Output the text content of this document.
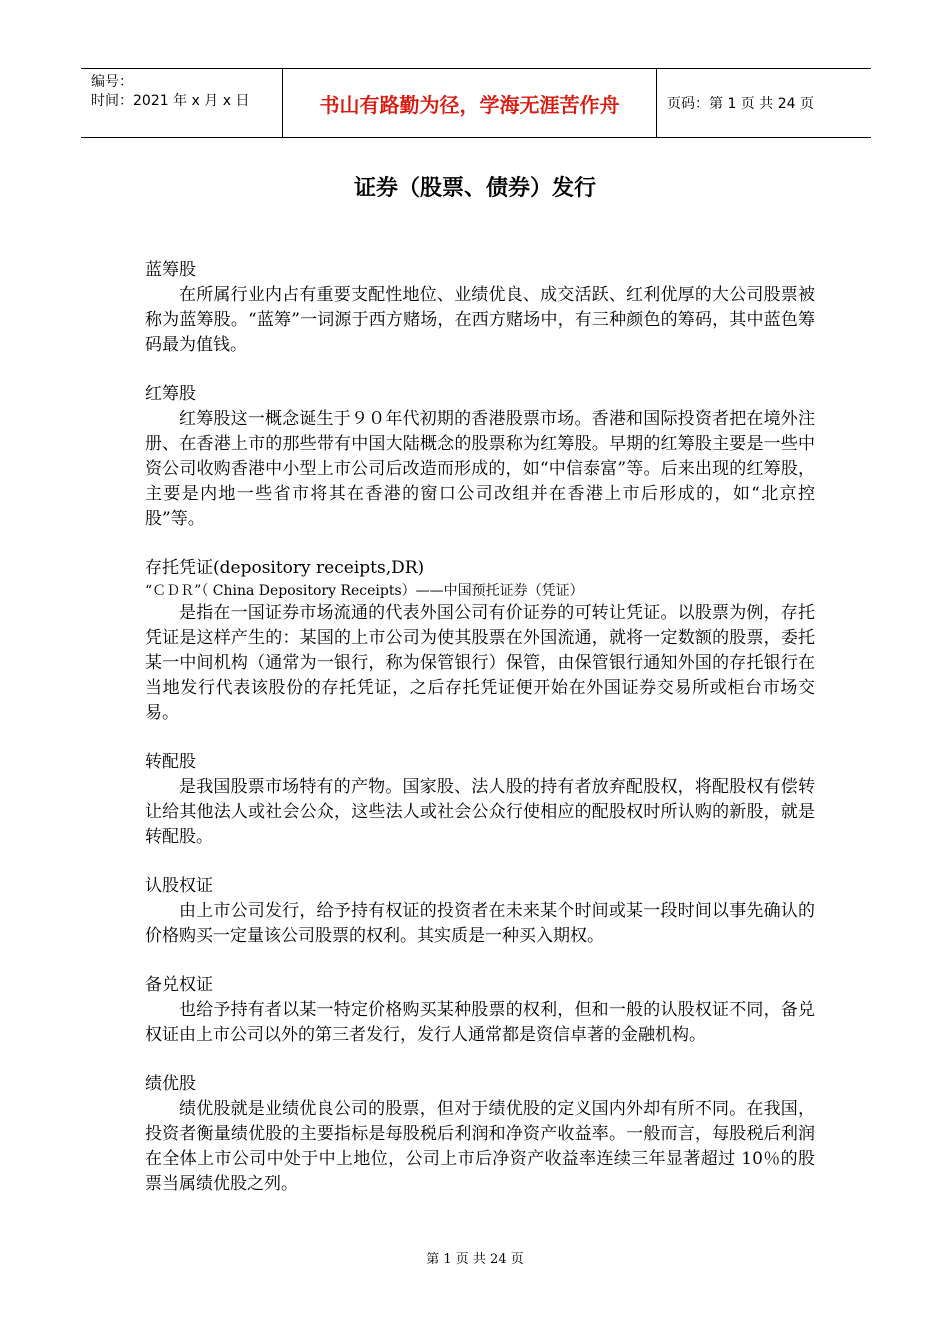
编号：
时间：2021 年 x 月 x 日	书山有路勤为径，学海无涯苦作舟	页码：第 1 页 共 24 页
证券（股票、债券）发行
蓝筹股
在所属行业内占有重要支配性地位、业绩优良、成交活跃、红利优厚的大公司股票被称为蓝筹股。“蓝筹”一词源于西方赌场，在西方赌场中，有三种颜色的筹码，其中蓝色筹码最为值钱。
红筹股
红筹股这一概念诞生于９０年代初期的香港股票市场。香港和国际投资者把在境外注册、在香港上市的那些带有中国大陆概念的股票称为红筹股。早期的红筹股主要是一些中资公司收购香港中小型上市公司后改造而形成的，如“中信泰富”等。后来出现的红筹股，主要是内地一些省市将其在香港的窗口公司改组并在香港上市后形成的，如“北京控股”等。
存托凭证(depository receipts,DR)
“ＣＤＲ”（ China Depository Receipts）——中国预托证券（凭证）
是指在一国证券市场流通的代表外国公司有价证券的可转让凭证。以股票为例，存托凭证是这样产生的：某国的上市公司为使其股票在外国流通，就将一定数额的股票，委托某一中间机构（通常为一银行，称为保管银行）保管，由保管银行通知外国的存托银行在当地发行代表该股份的存托凭证，之后存托凭证便开始在外国证券交易所或柜台市场交易。
转配股
是我国股票市场特有的产物。国家股、法人股的持有者放弃配股权，将配股权有偿转让给其他法人或社会公众，这些法人或社会公众行使相应的配股权时所认购的新股，就是转配股。
认股权证
由上市公司发行，给予持有权证的投资者在未来某个时间或某一段时间以事先确认的价格购买一定量该公司股票的权利。其实质是一种买入期权。
备兑权证
也给予持有者以某一特定价格购买某种股票的权利，但和一般的认股权证不同，备兑权证由上市公司以外的第三者发行，发行人通常都是资信卓著的金融机构。
绩优股
绩优股就是业绩优良公司的股票，但对于绩优股的定义国内外却有所不同。在我国，投资者衡量绩优股的主要指标是每股税后利润和净资产收益率。一般而言，每股税后利润在全体上市公司中处于中上地位，公司上市后净资产收益率连续三年显著超过 10％的股票当属绩优股之列。
第 1 页 共 24 页
